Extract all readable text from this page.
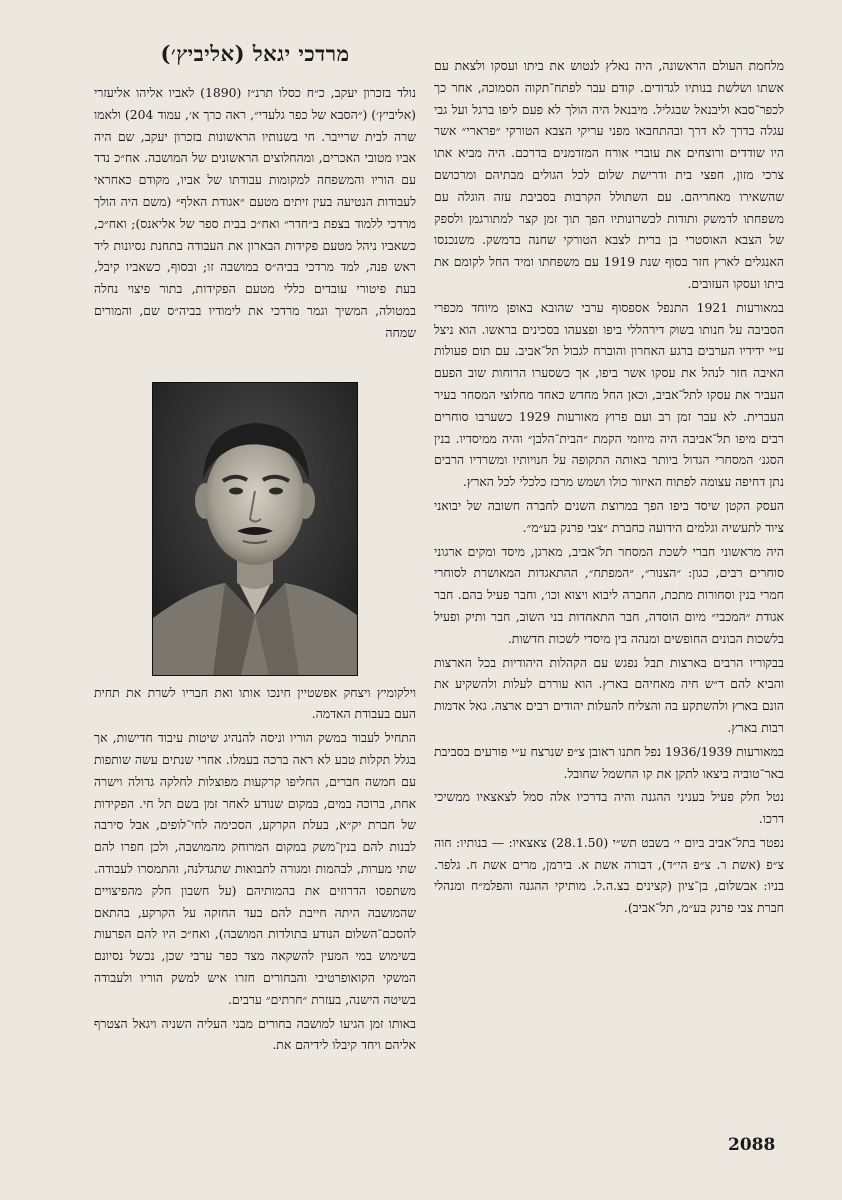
מלחמת העולם הראשונה, היה נאלץ לנטוש את ביתו ועסקו ולצאת עם אשתו ושלשת בנותיו לגדודים. קודם עבר לפתח־תקוה הסמוכה, אחר כך לכפר־סבא וליבנאל שבגליל. מיבנאל היה הולך לא פעם ליפו ברגל ועל גבי עגלה בדרך לא דרך ובהתחבאו מפני עריקי הצבא הטורקי ״פרארי״ אשר היו שודדים ורוצחים את עוברי אורח המזדמנים בדרכם. היה מביא אתו צרכי מזון, חפצי בית ודרישת שלום לכל הגולים מבתיהם ומרכושם שהשאירו מאחריהם. עם השתולל הקרבות בסביבת עזה הוגלה עם משפחתו לדמשק ותודות לכשרונותיו הפך תוך זמן קצר למתורגמן ולספק של הצבא האוסטרי בן ברית לצבא הטורקי שחנה בדמשק. משנכנסו האנגלים לארץ חזר בסוף שנת 1919 עם משפחתו ומיד החל לקומם את ביתו ועסקו העזובים.

במאורעות 1921 התנפל אספסוף ערבי שהובא באופן מיוחד מכפרי הסביבה על חנותו בשוק דירהללי ביפו ופצעהו בסכינים בראשו. הוא ניצל ע״י ידידיו הערבים ברגע האחרון והוברח לגבול תל־אביב. עם תום פעולות האיבה חזר לנהל את עסקו אשר ביפו, אך כשסערו הרוחות שוב הפעם העביר את עסקו לתל־אביב, וכאן החל מחדש כאחד מחלוצי המסחר בעיר העברית. לא עבר זמן רב ועם פרוץ מאורעות 1929 כשערבו סוחרים רבים מיפו תל־אביבה היה מיוזמי הקמת ״הבית־הלבן״ והיה ממיסדיו. בנין הסגנ׳ המסחרי הגדול ביותר באותה התקופה על חנויותיו ומשרדיו הרבים נתן דחיפה עצומה לפתוח האיזור כולו ושמש מרכז כלכלי לכל הארץ.

העסק הקטן שיסד ביפו הפך במרוצת השנים לחברה חשובה של יבואני ציוד לתעשיה וגלמים הידועה כחברת ״צבי פרנק בע״מ״.

היה מראשוני חברי לשכת המסחר תל־אביב, מארגן, מיסד ומקים ארגוני סוחרים רבים, כגון: ״הצנור״, ״המפתח״, ההתאגדות המאושרת לסוחרי חמרי בנין וסחורות מתכת, החברה ליבוא ויצוא וכו׳, וחבר פעיל בהם. חבר אגודת ״המכבי״ מיום הוסדה, חבר התאחדות בני השוב, חבר ותיק ופעיל בלשכות הבונים החופשים ומנהה בין מיסדי לשכות חדשות.

בבקוריו הרבים בארצות תבל נפגש עם הקהלות היהודיות בכל הארצות והביא להם ד״ש חיה מאחיהם בארץ. הוא עוררם לעלות ולהשקיע את הונם בארץ ולהשתקע בה והצליח להעלות יהודים רבים ארצה. גאל אדמות רבות בארץ.

במאורעות 1936/1939 נפל חתנו ראובן צ״פ שנרצח ע״י פורעים בסביבת באר־טוביה ביצאו לתקן את קו החשמל שחובל.

נטל חלק פעיל בעניני ההגנה והיה בדרכיו אלה סמל לצאצאיו ממשיכי דרכו.

נפטר בתל־אביב ביום י׳ בשבט תש״י (28.1.50) צאצאיו: — בנותיו: חוה צ״פ (אשת ר. צ״פ הי״ד), דבורה אשת א. בירמן, מרים אשת ח. גלפר. בניו: אבשלום, בן־ציון (קצינים בצ.ה.ל. מותיקי ההגנה והפלמ״ח ומנהלי חברת צבי פרנק בע״מ, תל־אביב).

מרדכי יגאל (אליביץ׳)

נולד בזכרון יעקב, כ״ח כסלו תרנ״ז (1890) לאביו אליהו אליעזרי (אליביץ׳) (״הסבא של כפר גלעדי״, ראה כרך א׳, עמוד 204) ולאמו שרה לבית שרייבר. חי בשנותיו הראשונות בזכרון יעקב, שם היה אביו מטובי האכרים, ומהחלוצים הראשונים של המושבה. אח״כ נדד עם הוריו והמשפחה למקומות עבודתו של אביו, מקודם כאחראי לעבודות הנטיעה בעין זיתים מטעם ״אגודת האלף״ (משם היה הולך מרדכי ללמוד בצפת ב״חדר״ ואח״כ בבית ספר של אליאנס); ואח״כ, כשאביו ניהל מטעם פקידות הבארון את העבודה בתחנת נסיונות ליד ראש פנה, למד מרדכי בביה״ס במושבה זו; ובסוף, כשאביו קיבל, בעת פיטורי עובדים כללי מטעם הפקידות, בתור פיצוי נחלה במטולה, המשיך וגמר מרדכי את לימודיו בביה״ס שם, והמורים שמחה

וילקומיץ ויצחק אפשטיין חינכו אותו ואת חבריו לשרת את תחית העם בעבודת האדמה.

התחיל לעבוד במשק הוריו וניסה להנהיג שיטות עיבוד חדישות, אך בגלל תקלות טבע לא ראה ברכה בעמלו. אחרי שנתים עשה שותפות עם חמשה חברים, החליפו קרקעות מפוצלות לחלקה גדולה וישרה אחת, ברוכה במים, במקום שנודע לאחר זמן בשם תל חי. הפקידות של חברת יק״א, בעלת הקרקע, הסכימה לחי־לופים, אבל סירבה לבנות להם בנין־משק במקום המרוחק מהמושבה, ולכן חפרו להם שתי מערות, לבהמות ומגורה לתבואות שתגדלנה, והתמסרו לעבודה. משתפסו הדרוזים את בהמותיהם (על חשבון חלק מהפיצויים שהמושבה היתה חייבת להם בעד החזקה על הקרקע, בהתאם להסכם־השלום הנודע בתולדות המושבה), ואח״כ היו להם הפרעות בשימוש במי המעין להשקאה מצד כפר ערבי שכן, נכשל נסיונם המשקי הקואופרטיבי והבחורים חזרו איש למשק הוריו ולעבודה בשיטה הישנה, בעזרת ״חרתים״ ערבים.

באותו זמן הגיעו למושבה בחורים מבני העליה השניה ויגאל הצטרף אליהם ויחד קיבלו לידיהם את.

2088
